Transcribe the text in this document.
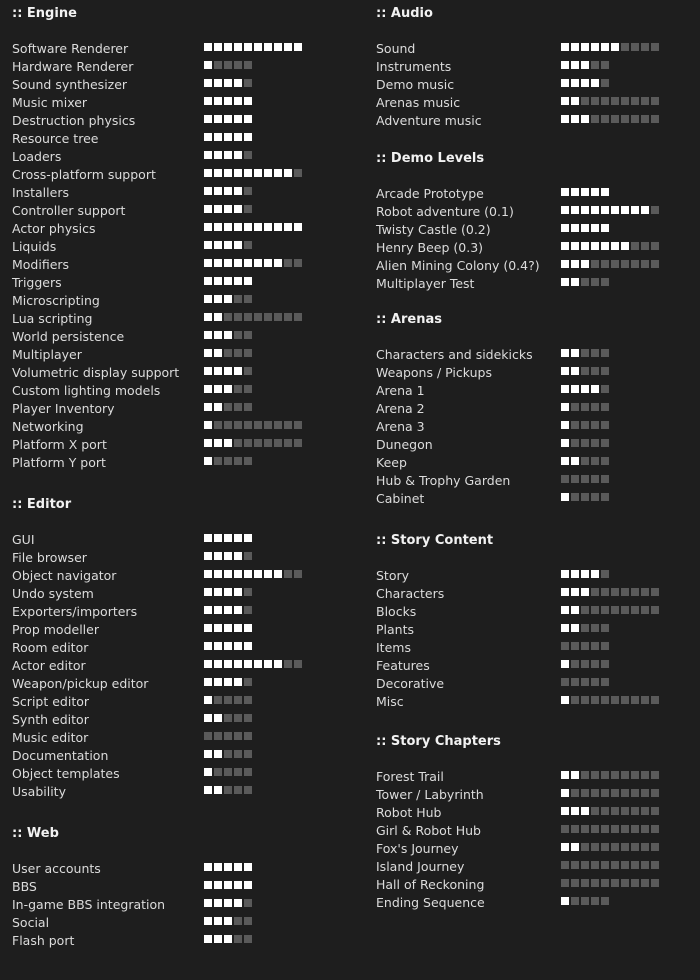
:: Engine
Software Renderer
Hardware Renderer
Sound synthesizer
Music mixer
Destruction physics
Resource tree
Loaders
Cross-platform support
Installers
Controller support
Actor physics
Liquids
Modifiers
Triggers
Microscripting
Lua scripting
World persistence
Multiplayer
Volumetric display support
Custom lighting models
Player Inventory
Networking
Platform X port
Platform Y port
:: Editor
GUI
File browser
Object navigator
Undo system
Exporters/importers
Prop modeller
Room editor
Actor editor
Weapon/pickup editor
Script editor
Synth editor
Music editor
Documentation
Object templates
Usability
:: Web
User accounts
BBS
In-game BBS integration
Social
Flash port
:: Audio
Sound
Instruments
Demo music
Arenas music
Adventure music
:: Demo Levels
Arcade Prototype
Robot adventure (0.1)
Twisty Castle (0.2)
Henry Beep (0.3)
Alien Mining Colony (0.4?)
Multiplayer Test
:: Arenas
Characters and sidekicks
Weapons / Pickups
Arena 1
Arena 2
Arena 3
Dunegon
Keep
Hub & Trophy Garden
Cabinet
:: Story Content
Story
Characters
Blocks
Plants
Items
Features
Decorative
Misc
:: Story Chapters
Forest Trail
Tower / Labyrinth
Robot Hub
Girl & Robot Hub
Fox's Journey
Island Journey
Hall of Reckoning
Ending Sequence
